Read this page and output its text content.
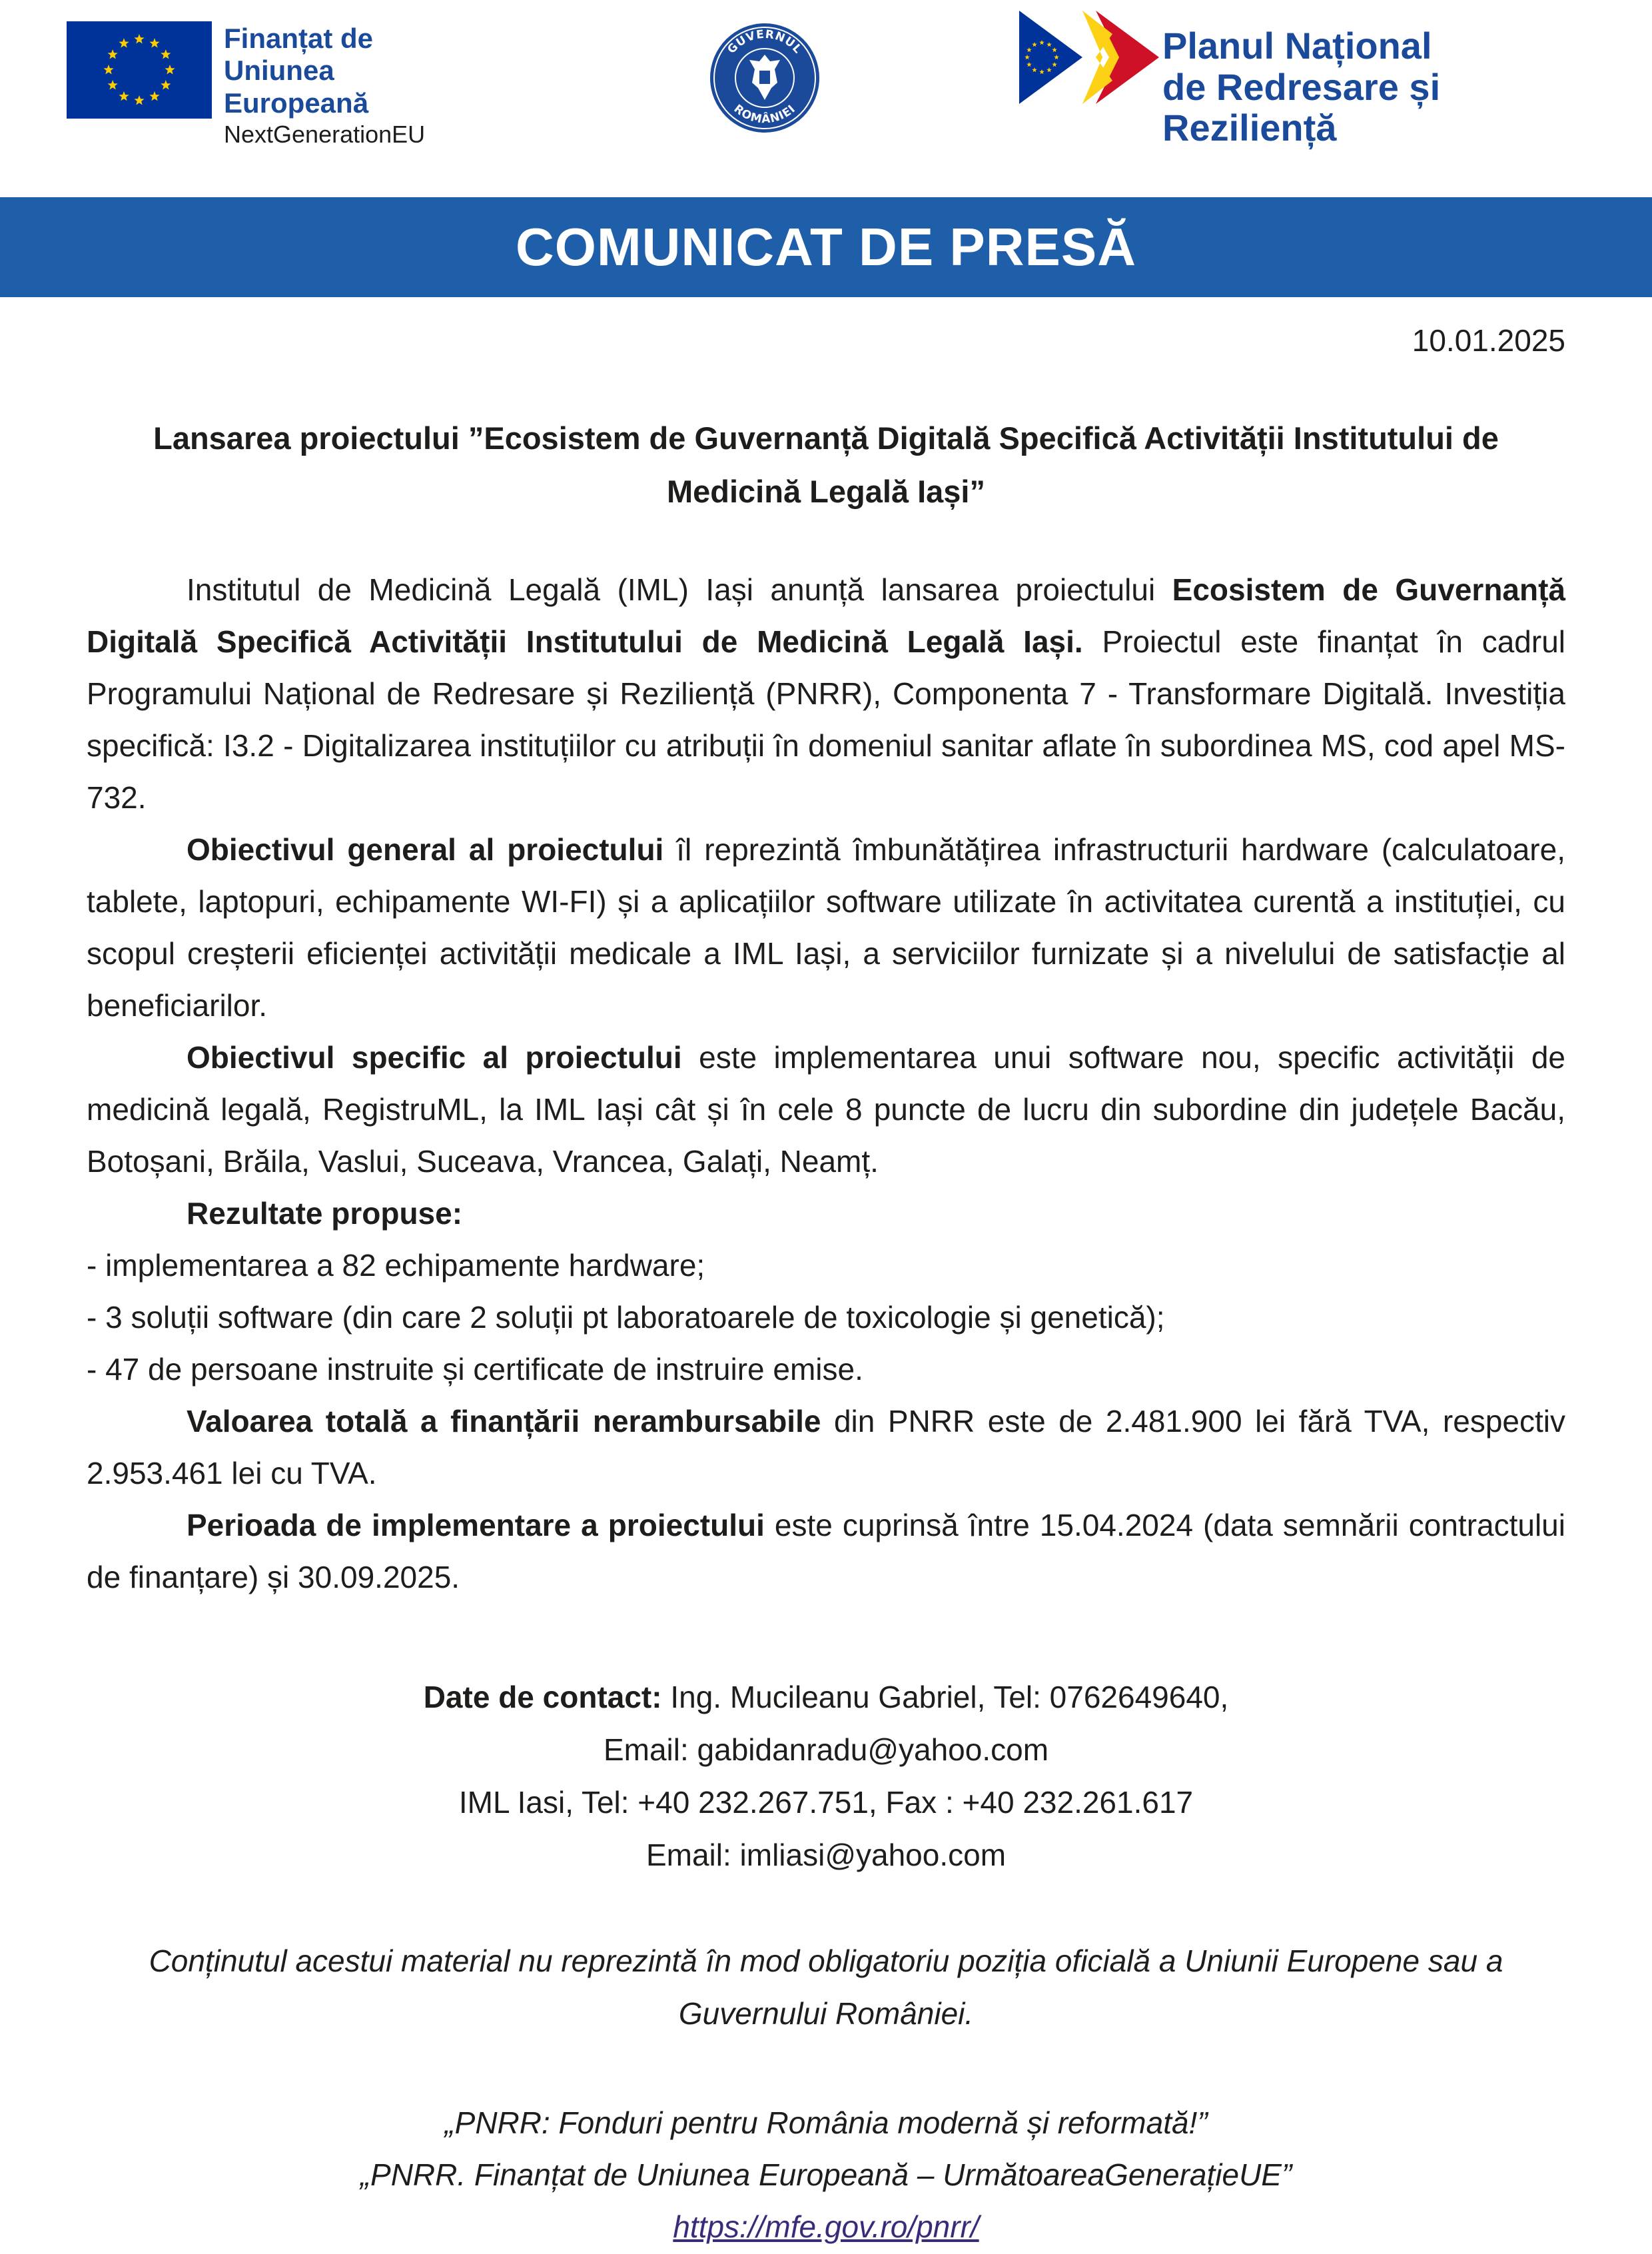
Finanțat de
Uniunea Europeană
NextGenerationEU
GUVERNUL
ROMÂNIEI
Planul Național
de Redresare și Reziliență
COMUNICAT DE PRESĂ
10.01.2025
Lansarea proiectului ”Ecosistem de Guvernanță Digitală Specifică Activității Institutului de Medicină Legală Iași”

Institutul de Medicină Legală (IML) Iași anunță lansarea proiectului Ecosistem de Guvernanță Digitală Specifică Activității Institutului de Medicină Legală Iași. Proiectul este finanțat în cadrul Programului Național de Redresare și Reziliență (PNRR), Componenta 7 - Transformare Digitală. Investiția specifică: I3.2 - Digitalizarea instituțiilor cu atribuții în domeniul sanitar aflate în subordinea MS, cod apel MS-732.

Obiectivul general al proiectului îl reprezintă îmbunătățirea infrastructurii hardware (calculatoare, tablete, laptopuri, echipamente WI-FI) și a aplicațiilor software utilizate în activitatea curentă a instituției, cu scopul creșterii eficienței activității medicale a IML Iași, a serviciilor furnizate și a nivelului de satisfacție al beneficiarilor.

Obiectivul specific al proiectului este implementarea unui software nou, specific activității de medicină legală, RegistruML, la IML Iași cât și în cele 8 puncte de lucru din subordine din județele Bacău, Botoșani, Brăila, Vaslui, Suceava, Vrancea, Galați, Neamț.

Rezultate propuse:

- implementarea a 82 echipamente hardware;

- 3 soluții software (din care 2 soluții pt laboratoarele de toxicologie și genetică);

- 47 de persoane instruite și certificate de instruire emise.

Valoarea totală a finanțării nerambursabile din PNRR este de 2.481.900 lei fără TVA, respectiv 2.953.461 lei cu TVA.

Perioada de implementare a proiectului este cuprinsă între 15.04.2024 (data semnării contractului de finanțare) și 30.09.2025.

Date de contact: Ing. Mucileanu Gabriel, Tel: 0762649640,
Email: gabidanradu@yahoo.com
IML Iasi, Tel: +40 232.267.751, Fax : +40 232.261.617
Email: imliasi@yahoo.com
Conținutul acestui material nu reprezintă în mod obligatoriu poziția oficială a Uniunii Europene sau a Guvernului României.
„PNRR: Fonduri pentru România modernă și reformată!”
„PNRR. Finanțat de Uniunea Europeană – UrmătoareaGenerațieUE”
https://mfe.gov.ro/pnrr/
